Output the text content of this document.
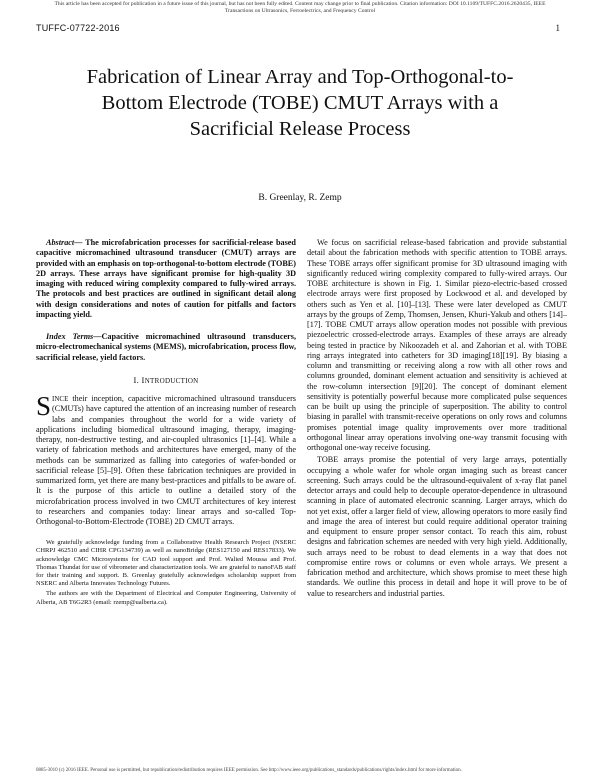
This article has been accepted for publication in a future issue of this journal, but has not been fully edited. Content may change prior to final publication. Citation information: DOI 10.1109/TUFFC.2016.2620435, IEEE Transactions on Ultrasonics, Ferroelectrics, and Frequency Control
TUFFC-07722-2016	1
Fabrication of Linear Array and Top-Orthogonal-to-Bottom Electrode (TOBE) CMUT Arrays with a Sacrificial Release Process
B. Greenlay, R. Zemp

Abstract— The microfabrication processes for sacrificial-release based capacitive micromachined ultrasound transducer (CMUT) arrays are provided with an emphasis on top-orthogonal-to-bottom electrode (TOBE) 2D arrays. These arrays have significant promise for high-quality 3D imaging with reduced wiring complexity compared to fully-wired arrays. The protocols and best practices are outlined in significant detail along with design considerations and notes of caution for pitfalls and factors impacting yield.

Index Terms—Capacitive micromachined ultrasound transducers, micro-electromechanical systems (MEMS), microfabrication, process flow, sacrificial release, yield factors.

I. INTRODUCTION

SINCE their inception, capacitive micromachined ultrasound transducers (CMUTs) have captured the attention of an increasing number of research labs and companies throughout the world for a wide variety of applications including biomedical ultrasound imaging, therapy, imaging-therapy, non-destructive testing, and air-coupled ultrasonics [1]–[4]. While a variety of fabrication methods and architectures have emerged, many of the methods can be summarized as falling into categories of wafer-bonded or sacrificial release [5]–[9]. Often these fabrication techniques are provided in summarized form, yet there are many best-practices and pitfalls to be aware of. It is the purpose of this article to outline a detailed story of the microfabrication process involved in two CMUT architectures of key interest to researchers and companies today: linear arrays and so-called Top-Orthogonal-to-Bottom-Electrode (TOBE) 2D CMUT arrays.

We gratefully acknowledge funding from a Collaborative Health Research Project (NSERC CHRPJ 462510 and CIHR CPG134739) as well as nanoBridge (RES127150 and RES17833). We acknowledge CMC Microsystems for CAD tool support and Prof. Walied Moussa and Prof. Thomas Thundat for use of vibrometer and characterization tools. We are grateful to nanoFAB staff for their training and support. B. Greenlay gratefully acknowledges scholarship support from NSERC and Alberta Innovates Technology Futures.

The authors are with the Department of Electrical and Computer Engineering, University of Alberta, AB T6G2R3 (email: rzemp@ualberta.ca).

We focus on sacrificial release-based fabrication and provide substantial detail about the fabrication methods with specific attention to TOBE arrays. These TOBE arrays offer significant promise for 3D ultrasound imaging with significantly reduced wiring complexity compared to fully-wired arrays. Our TOBE architecture is shown in Fig. 1. Similar piezo-electric-based crossed electrode arrays were first proposed by Lockwood et al. and developed by others such as Yen et al. [10]–[13]. These were later developed as CMUT arrays by the groups of Zemp, Thomsen, Jensen, Khuri-Yakub and others [14]–[17]. TOBE CMUT arrays allow operation modes not possible with previous piezoelectric crossed-electrode arrays. Examples of these arrays are already being tested in practice by Nikoozadeh et al. and Zahorian et al. with TOBE ring arrays integrated into catheters for 3D imaging[18][19]. By biasing a column and transmitting or receiving along a row with all other rows and columns grounded, dominant element actuation and sensitivity is achieved at the row-column intersection [9][20]. The concept of dominant element sensitivity is potentially powerful because more complicated pulse sequences can be built up using the principle of superposition. The ability to control biasing in parallel with transmit-receive operations on only rows and columns promises potential image quality improvements over more traditional orthogonal linear array operations involving one-way transmit focusing with orthogonal one-way receive focusing.

TOBE arrays promise the potential of very large arrays, potentially occupying a whole wafer for whole organ imaging such as breast cancer screening. Such arrays could be the ultrasound-equivalent of x-ray flat panel detector arrays and could help to decouple operator-dependence in ultrasound scanning in place of automated electronic scanning. Larger arrays, which do not yet exist, offer a larger field of view, allowing operators to more easily find and image the area of interest but could require additional operator training and equipment to ensure proper sensor contact. To reach this aim, robust designs and fabrication schemes are needed with very high yield. Additionally, such arrays need to be robust to dead elements in a way that does not compromise entire rows or columns or even whole arrays. We present a fabrication method and architecture, which shows promise to meet these high standards. We outline this process in detail and hope it will prove to be of value to researchers and industrial parties.

0885-3010 (c) 2016 IEEE. Personal use is permitted, but republication/redistribution requires IEEE permission. See http://www.ieee.org/publications_standards/publications/rights/index.html for more information.
